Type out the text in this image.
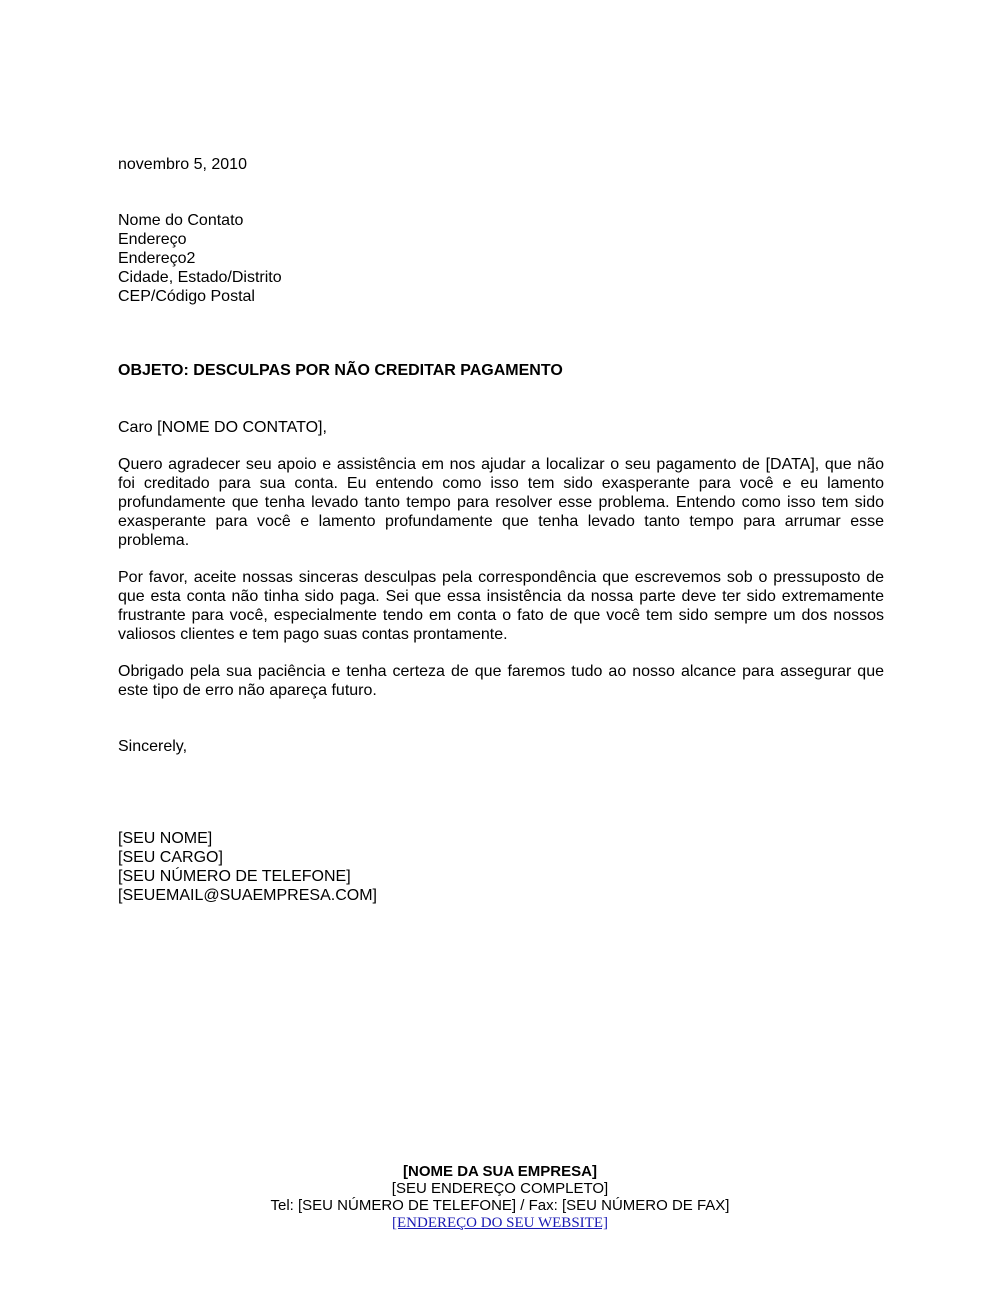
novembro 5, 2010
Nome do Contato
Endereço
Endereço2
Cidade, Estado/Distrito
CEP/Código Postal
OBJETO: DESCULPAS POR NÃO CREDITAR PAGAMENTO
Caro [NOME DO CONTATO],
Quero agradecer seu apoio e assistência em nos ajudar a localizar o seu pagamento de [DATA], que não foi creditado para sua conta. Eu entendo como isso tem sido exasperante para você e eu lamento profundamente que tenha levado tanto tempo para resolver esse problema. Entendo como isso tem sido exasperante para você e lamento profundamente que tenha levado tanto tempo para arrumar esse problema.
Por favor, aceite nossas sinceras desculpas pela correspondência que escrevemos sob o pressuposto de que esta conta não tinha sido paga. Sei que essa insistência da nossa parte deve ter sido extremamente frustrante para você, especialmente tendo em conta o fato de que você tem sido sempre um dos nossos valiosos clientes e tem pago suas contas prontamente.
Obrigado pela sua paciência e tenha certeza de que faremos tudo ao nosso alcance para assegurar que este tipo de erro não apareça futuro.
Sincerely,
[SEU NOME]
[SEU CARGO]
[SEU NÚMERO DE TELEFONE]
[SEUEMAIL@SUAEMPRESA.COM]
[NOME DA SUA EMPRESA]
[SEU ENDEREÇO COMPLETO]
Tel: [SEU NÚMERO DE TELEFONE] / Fax: [SEU NÚMERO DE FAX]
[ENDEREÇO DO SEU WEBSITE]
